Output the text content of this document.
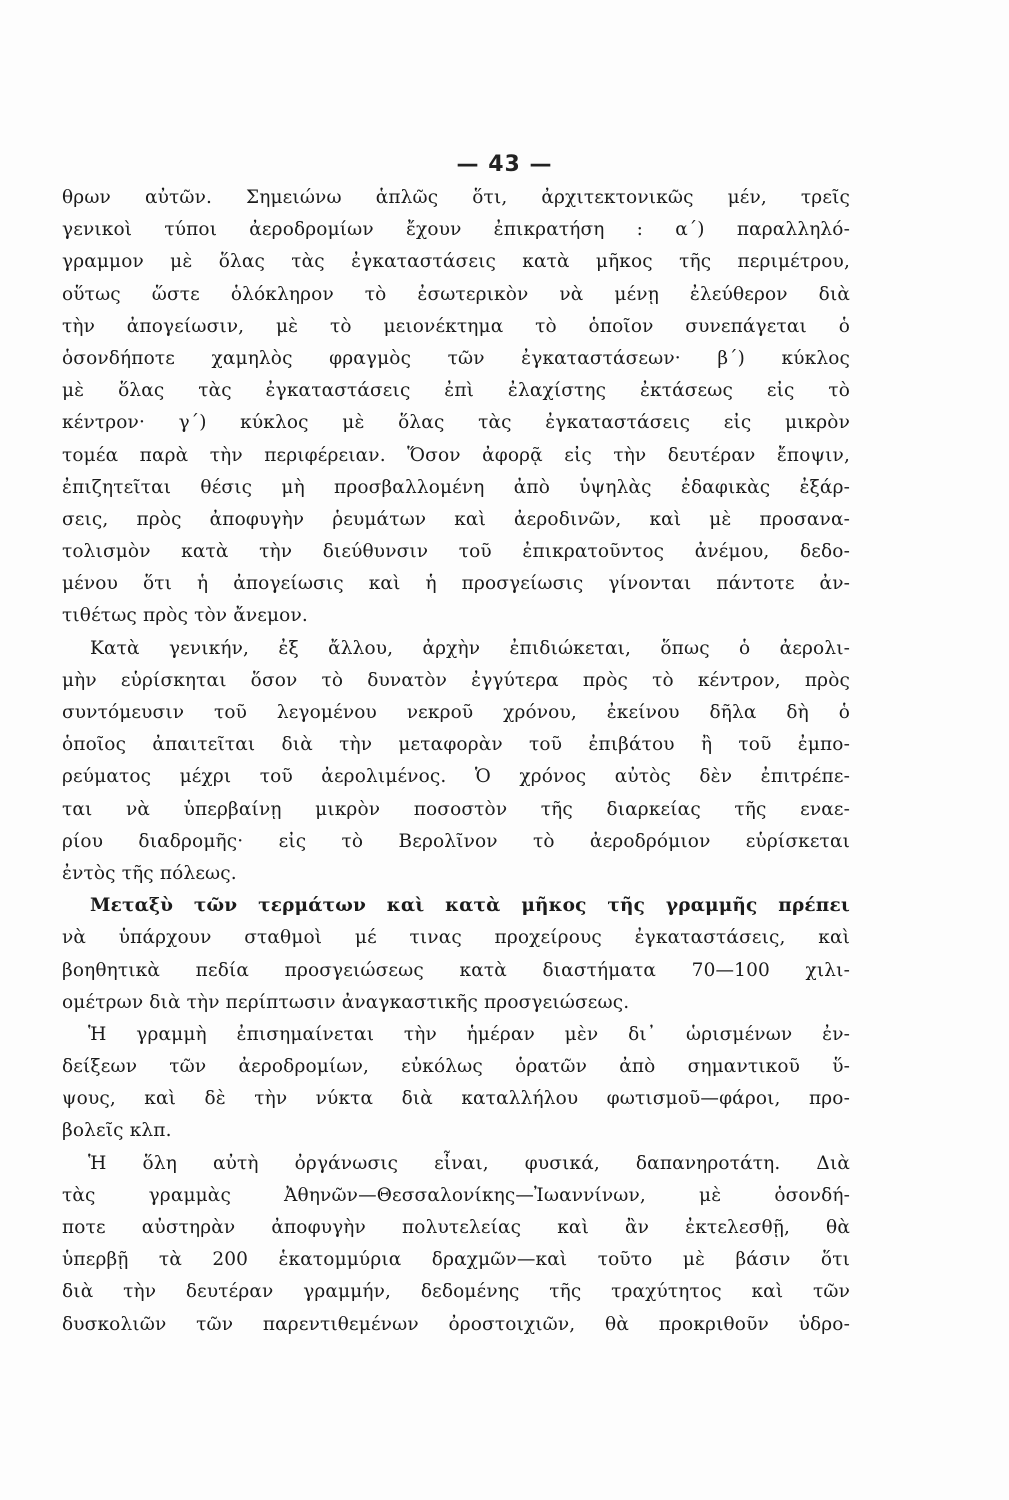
— 43 —
θρων αὐτῶν. Σημειώνω ἁπλῶς ὅτι, ἀρχιτεκτονικῶς μέν, τρεῖς
γενικοὶ τύποι ἀεροδρομίων ἔχουν ἐπικρατήση : α΄) παραλληλό-
γραμμον μὲ ὅλας τὰς ἐγκαταστάσεις κατὰ μῆκος τῆς περιμέτρου,
οὕτως ὥστε ὁλόκληρον τὸ ἐσωτερικὸν νὰ μένῃ ἐλεύθερον διὰ
τὴν ἀπογείωσιν, μὲ τὸ μειονέκτημα τὸ ὁποῖον συνεπάγεται ὁ
ὁσονδήποτε χαμηλὸς φραγμὸς τῶν ἐγκαταστάσεων· β΄) κύκλος
μὲ ὅλας τὰς ἐγκαταστάσεις ἐπὶ ἐλαχίστης ἐκτάσεως εἰς τὸ
κέντρον· γ΄) κύκλος μὲ ὅλας τὰς ἐγκαταστάσεις εἰς μικρὸν
τομέα παρὰ τὴν περιφέρειαν. Ὅσον ἀφορᾷ εἰς τὴν δευτέραν ἔποψιν,
ἐπιζητεῖται θέσις μὴ προσβαλλομένη ἀπὸ ὑψηλὰς ἐδαφικὰς ἐξάρ-
σεις, πρὸς ἀποφυγὴν ῥευμάτων καὶ ἀεροδινῶν, καὶ μὲ προσανα-
τολισμὸν κατὰ τὴν διεύθυνσιν τοῦ ἐπικρατοῦντος ἀνέμου, δεδο-
μένου ὅτι ἡ ἀπογείωσις καὶ ἡ προσγείωσις γίνονται πάντοτε ἀν-
τιθέτως πρὸς τὸν ἄνεμον.
Κατὰ γενικήν, ἐξ ἄλλου, ἀρχὴν ἐπιδιώκεται, ὅπως ὁ ἀερολι-
μὴν εὑρίσκηται ὅσον τὸ δυνατὸν ἐγγύτερα πρὸς τὸ κέντρον, πρὸς
συντόμευσιν τοῦ λεγομένου νεκροῦ χρόνου, ἐκείνου δῆλα δὴ ὁ
ὁποῖος ἀπαιτεῖται διὰ τὴν μεταφορὰν τοῦ ἐπιβάτου ἢ τοῦ ἐμπο-
ρεύματος μέχρι τοῦ ἀερολιμένος. Ὁ χρόνος αὐτὸς δὲν ἐπιτρέπε-
ται νὰ ὑπερβαίνῃ μικρὸν ποσοστὸν τῆς διαρκείας τῆς εναε-
ρίου διαδρομῆς· εἰς τὸ Βερολῖνον τὸ ἀεροδρόμιον εὑρίσκεται
ἐντὸς τῆς πόλεως.
Μεταξὺ τῶν τερμάτων καὶ κατὰ μῆκος τῆς γραμμῆς πρέπει
νὰ ὑπάρχουν σταθμοὶ μέ τινας προχείρους ἐγκαταστάσεις, καὶ
βοηθητικὰ πεδία προσγειώσεως κατὰ διαστήματα 70—100 χιλι-
ομέτρων διὰ τὴν περίπτωσιν ἀναγκαστικῆς προσγειώσεως.
Ἡ γραμμὴ ἐπισημαίνεται τὴν ἡμέραν μὲν δι᾽ ὡρισμένων ἐν-
δείξεων τῶν ἀεροδρομίων, εὐκόλως ὁρατῶν ἀπὸ σημαντικοῦ ὕ-
ψους, καὶ δὲ τὴν νύκτα διὰ καταλλήλου φωτισμοῦ—φάροι, προ-
βολεῖς κλπ.
Ἡ ὅλη αὐτὴ ὀργάνωσις εἶναι, φυσικά, δαπανηροτάτη. Διὰ
τὰς γραμμὰς Ἀθηνῶν—Θεσσαλονίκης—Ἰωαννίνων, μὲ ὁσονδή-
ποτε αὐστηρὰν ἀποφυγὴν πολυτελείας καὶ ἂν ἐκτελεσθῇ, θὰ
ὑπερβῇ τὰ 200 ἑκατομμύρια δραχμῶν—καὶ τοῦτο μὲ βάσιν ὅτι
διὰ τὴν δευτέραν γραμμήν, δεδομένης τῆς τραχύτητος καὶ τῶν
δυσκολιῶν τῶν παρεντιθεμένων ὀροστοιχιῶν, θὰ προκριθοῦν ὑδρο-
